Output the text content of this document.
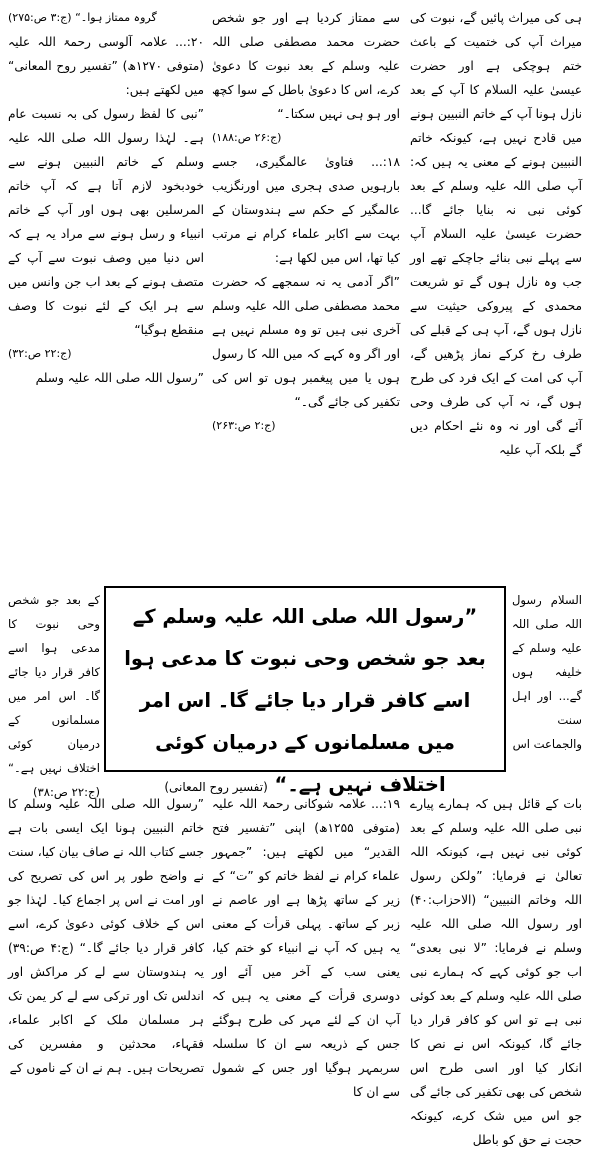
ہی کی میراث پائیں گے، نبوت کی میراث آپ کی ختمیت کے باعث ختم ہوچکی ہے اور حضرت عیسیٰ علیہ السلام کا آپ کے بعد نازل ہونا آپ کے خاتم النبیین ہونے میں قادح نہیں ہے، کیونکہ خاتم النبیین ہونے کے معنی یہ ہیں کہ: آپ صلی اللہ علیہ وسلم کے بعد کوئی نبی نہ بنایا جائے گا... حضرت عیسیٰ علیہ السلام آپ سے پہلے نبی بنائے جاچکے تھے اور جب وہ نازل ہوں گے تو شریعت محمدی کے پیروکی حیثیت سے نازل ہوں گے، آپ ہی کے قبلے کی طرف رخ کرکے نماز پڑھیں گے، آپ کی امت کے ایک فرد کی طرح ہوں گے، نہ آپ کی طرف وحی آئے گی اور نہ وہ نئے احکام دیں گے بلکہ آپ علیہ

سے ممتاز کردیا ہے اور جو شخص حضرت محمد مصطفی صلی اللہ علیہ وسلم کے بعد نبوت کا دعویٰ کرے، اس کا دعویٰ باطل کے سوا کچھ اور ہو ہی نہیں سکتا۔“

(ج:۲۶ ص:۱۸۸)

۱۸:... فتاویٰ عالمگیری، جسے بارہویں صدی ہجری میں اورنگزیب عالمگیر کے حکم سے ہندوستان کے بہت سے اکابر علماء کرام نے مرتب کیا تھا، اس میں لکھا ہے:

”اگر آدمی یہ نہ سمجھے کہ حضرت محمد مصطفی صلی اللہ علیہ وسلم آخری نبی ہیں تو وہ مسلم نہیں ہے اور اگر وہ کہے کہ میں اللہ کا رسول ہوں یا میں پیغمبر ہوں تو اس کی تکفیر کی جائے گی۔“

(ج:۲ ص:۲۶۳)
گروہ ممتاز ہوا۔“ (ج:۳ ص:۲۷۵)

۲۰:... علامہ آلوسی رحمۃ اللہ علیہ (متوفی ۱۲۷۰ھ) ”تفسیر روح المعانی“ میں لکھتے ہیں:

”نبی کا لفظ رسول کی بہ نسبت عام ہے۔ لہٰذا رسول اللہ صلی اللہ علیہ وسلم کے خاتم النبیین ہونے سے خودبخود لازم آتا ہے کہ آپ خاتم المرسلین بھی ہوں اور آپ کے خاتم انبیاء و رسل ہونے سے مراد یہ ہے کہ اس دنیا میں وصف نبوت سے آپ کے متصف ہونے کے بعد اب جن وانس میں سے ہر ایک کے لئے نبوت کا وصف منقطع ہوگیا“

(ج:۲۲ ص:۳۲)

”رسول اللہ صلی اللہ علیہ وسلم

السلام رسول اللہ صلی اللہ علیہ وسلم کے خلیفہ ہوں گے... اور اہل سنت والجماعت اس

کے بعد جو شخص وحی نبوت کا مدعی ہوا اسے کافر قرار دیا جائے گا۔ اس امر میں مسلمانوں کے درمیان کوئی اختلاف نہیں ہے۔“ (ج:۲۲ ص:۳۸)

”رسول اللہ صلی اللہ علیہ وسلم کے بعد جو شخص وحی نبوت کا مدعی ہوا اسے کافر قرار دیا جائے گا۔ اس امر میں مسلمانوں کے درمیان کوئی اختلاف نہیں ہے۔“ (تفسیر روح المعانی)

بات کے قائل ہیں کہ ہمارے پیارے نبی صلی اللہ علیہ وسلم کے بعد کوئی نبی نہیں ہے، کیونکہ اللہ تعالیٰ نے فرمایا: ”ولکن رسول اللہ وخاتم النبیین“ (الاحزاب:۴۰) اور رسول اللہ صلی اللہ علیہ وسلم نے فرمایا: ”لا نبی بعدی“ اب جو کوئی کہے کہ ہمارے نبی صلی اللہ علیہ وسلم کے بعد کوئی نبی ہے تو اس کو کافر قرار دیا جائے گا، کیونکہ اس نے نص کا انکار کیا اور اسی طرح اس شخص کی بھی تکفیر کی جائے گی جو اس میں شک کرے، کیونکہ حجت نے حق کو باطل

۱۹:... علامہ شوکانی رحمۃ اللہ علیہ (متوفی ۱۲۵۵ھ) اپنی ”تفسیر فتح القدیر“ میں لکھتے ہیں: ”جمہور علماء کرام نے لفظ خاتم کو ”ت“ کے زیر کے ساتھ پڑھا ہے اور عاصم نے زبر کے ساتھ۔ پہلی قرأت کے معنی یہ ہیں کہ آپ نے انبیاء کو ختم کیا، یعنی سب کے آخر میں آئے اور دوسری قرأت کے معنی یہ ہیں کہ آپ ان کے لئے مہر کی طرح ہوگئے جس کے ذریعہ سے ان کا سلسلہ سربمہر ہوگیا اور جس کے شمول سے ان کا

”رسول اللہ صلی اللہ علیہ وسلم کا خاتم النبیین ہونا ایک ایسی بات ہے جسے کتاب اللہ نے صاف بیان کیا، سنت نے واضح طور پر اس کی تصریح کی اور امت نے اس پر اجماع کیا۔ لہٰذا جو اس کے خلاف کوئی دعویٰ کرے، اسے کافر قرار دیا جائے گا۔“ (ج:۴ ص:۳۹) یہ ہندوستان سے لے کر مراکش اور اندلس تک اور ترکی سے لے کر یمن تک ہر مسلمان ملک کے اکابر علماء، فقہاء، محدثین و مفسرین کی تصریحات ہیں۔ ہم نے ان کے ناموں کے
